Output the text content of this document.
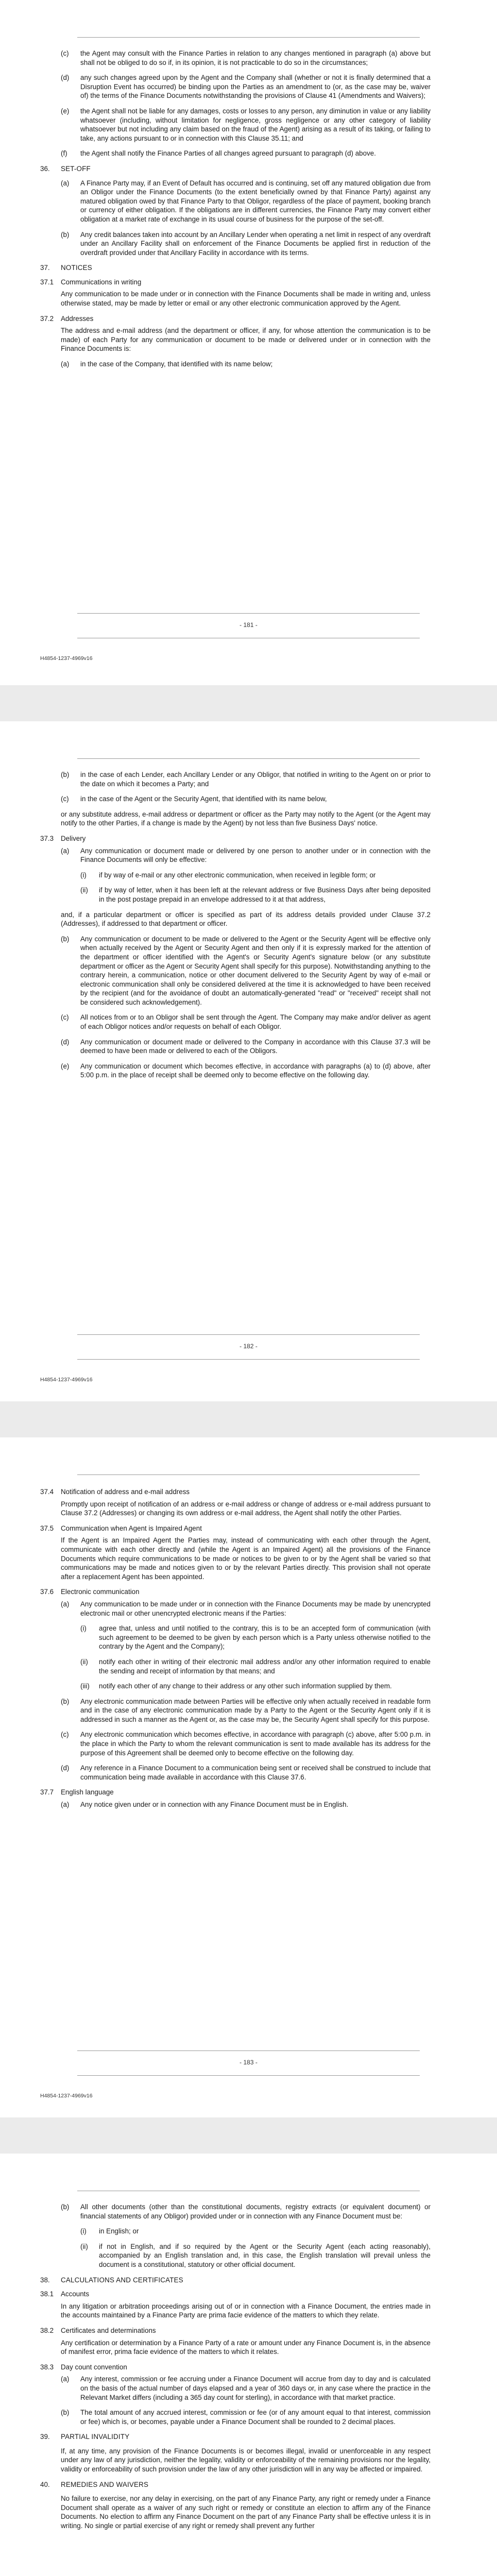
(c)	the Agent may consult with the Finance Parties in relation to any changes mentioned in paragraph (a) above but shall not be obliged to do so if, in its opinion, it is not practicable to do so in the circumstances;
(d)	any such changes agreed upon by the Agent and the Company shall (whether or not it is finally determined that a Disruption Event has occurred) be binding upon the Parties as an amendment to (or, as the case may be, waiver of) the terms of the Finance Documents notwithstanding the provisions of Clause 41 (Amendments and Waivers);
(e)	the Agent shall not be liable for any damages, costs or losses to any person, any diminution in value or any liability whatsoever (including, without limitation for negligence, gross negligence or any other category of liability whatsoever but not including any claim based on the fraud of the Agent) arising as a result of its taking, or failing to take, any actions pursuant to or in connection with this Clause 35.11; and
(f)	the Agent shall notify the Finance Parties of all changes agreed pursuant to paragraph (d) above.
36.	SET-OFF
(a)	A Finance Party may, if an Event of Default has occurred and is continuing, set off any matured obligation due from an Obligor under the Finance Documents (to the extent beneficially owned by that Finance Party) against any matured obligation owed by that Finance Party to that Obligor, regardless of the place of payment, booking branch or currency of either obligation. If the obligations are in different currencies, the Finance Party may convert either obligation at a market rate of exchange in its usual course of business for the purpose of the set-off.
(b)	Any credit balances taken into account by an Ancillary Lender when operating a net limit in respect of any overdraft under an Ancillary Facility shall on enforcement of the Finance Documents be applied first in reduction of the overdraft provided under that Ancillary Facility in accordance with its terms.
37.	NOTICES
37.1	Communications in writing

Any communication to be made under or in connection with the Finance Documents shall be made in writing and, unless otherwise stated, may be made by letter or email or any other electronic communication approved by the Agent.

37.2	Addresses

The address and e-mail address (and the department or officer, if any, for whose attention the communication is to be made) of each Party for any communication or document to be made or delivered under or in connection with the Finance Documents is:

(a)	in the case of the Company, that identified with its name below;
- 181 -
H4854-1237-4969v16
(b)	in the case of each Lender, each Ancillary Lender or any Obligor, that notified in writing to the Agent on or prior to the date on which it becomes a Party; and
(c)	in the case of the Agent or the Security Agent, that identified with its name below,

or any substitute address, e-mail address or department or officer as the Party may notify to the Agent (or the Agent may notify to the other Parties, if a change is made by the Agent) by not less than five Business Days' notice.

37.3	Delivery
(a)	Any communication or document made or delivered by one person to another under or in connection with the Finance Documents will only be effective:
(i)	if by way of e-mail or any other electronic communication, when received in legible form; or
(ii)	if by way of letter, when it has been left at the relevant address or five Business Days after being deposited in the post postage prepaid in an envelope addressed to it at that address,

and, if a particular department or officer is specified as part of its address details provided under Clause 37.2 (Addresses), if addressed to that department or officer.

(b)	Any communication or document to be made or delivered to the Agent or the Security Agent will be effective only when actually received by the Agent or Security Agent and then only if it is expressly marked for the attention of the department or officer identified with the Agent's or Security Agent's signature below (or any substitute department or officer as the Agent or Security Agent shall specify for this purpose). Notwithstanding anything to the contrary herein, a communication, notice or other document delivered to the Security Agent by way of e-mail or electronic communication shall only be considered delivered at the time it is acknowledged to have been received by the recipient (and for the avoidance of doubt an automatically-generated "read" or "received" receipt shall not be considered such acknowledgement).
(c)	All notices from or to an Obligor shall be sent through the Agent. The Company may make and/or deliver as agent of each Obligor notices and/or requests on behalf of each Obligor.
(d)	Any communication or document made or delivered to the Company in accordance with this Clause 37.3 will be deemed to have been made or delivered to each of the Obligors.
(e)	Any communication or document which becomes effective, in accordance with paragraphs (a) to (d) above, after 5:00 p.m. in the place of receipt shall be deemed only to become effective on the following day.
- 182 -
H4854-1237-4969v16
37.4	Notification of address and e-mail address

Promptly upon receipt of notification of an address or e-mail address or change of address or e-mail address pursuant to Clause 37.2 (Addresses) or changing its own address or e-mail address, the Agent shall notify the other Parties.

37.5	Communication when Agent is Impaired Agent

If the Agent is an Impaired Agent the Parties may, instead of communicating with each other through the Agent, communicate with each other directly and (while the Agent is an Impaired Agent) all the provisions of the Finance Documents which require communications to be made or notices to be given to or by the Agent shall be varied so that communications may be made and notices given to or by the relevant Parties directly. This provision shall not operate after a replacement Agent has been appointed.

37.6	Electronic communication
(a)	Any communication to be made under or in connection with the Finance Documents may be made by unencrypted electronic mail or other unencrypted electronic means if the Parties:
(i)	agree that, unless and until notified to the contrary, this is to be an accepted form of communication (with such agreement to be deemed to be given by each person which is a Party unless otherwise notified to the contrary by the Agent and the Company);
(ii)	notify each other in writing of their electronic mail address and/or any other information required to enable the sending and receipt of information by that means; and
(iii)	notify each other of any change to their address or any other such information supplied by them.
(b)	Any electronic communication made between Parties will be effective only when actually received in readable form and in the case of any electronic communication made by a Party to the Agent or the Security Agent only if it is addressed in such a manner as the Agent or, as the case may be, the Security Agent shall specify for this purpose.
(c)	Any electronic communication which becomes effective, in accordance with paragraph (c) above, after 5:00 p.m. in the place in which the Party to whom the relevant communication is sent to made available has its address for the purpose of this Agreement shall be deemed only to become effective on the following day.
(d)	Any reference in a Finance Document to a communication being sent or received shall be construed to include that communication being made available in accordance with this Clause 37.6.
37.7	English language
(a)	Any notice given under or in connection with any Finance Document must be in English.
- 183 -
H4854-1237-4969v16
(b)	All other documents (other than the constitutional documents, registry extracts (or equivalent document) or financial statements of any Obligor) provided under or in connection with any Finance Document must be:
(i)	in English; or
(ii)	if not in English, and if so required by the Agent or the Security Agent (each acting reasonably), accompanied by an English translation and, in this case, the English translation will prevail unless the document is a constitutional, statutory or other official document.
38.	CALCULATIONS AND CERTIFICATES
38.1	Accounts

In any litigation or arbitration proceedings arising out of or in connection with a Finance Document, the entries made in the accounts maintained by a Finance Party are prima facie evidence of the matters to which they relate.

38.2	Certificates and determinations

Any certification or determination by a Finance Party of a rate or amount under any Finance Document is, in the absence of manifest error, prima facie evidence of the matters to which it relates.

38.3	Day count convention
(a)	Any interest, commission or fee accruing under a Finance Document will accrue from day to day and is calculated on the basis of the actual number of days elapsed and a year of 360 days or, in any case where the practice in the Relevant Market differs (including a 365 day count for sterling), in accordance with that market practice.
(b)	The total amount of any accrued interest, commission or fee (or of any amount equal to that interest, commission or fee) which is, or becomes, payable under a Finance Document shall be rounded to 2 decimal places.
39.	PARTIAL INVALIDITY

If, at any time, any provision of the Finance Documents is or becomes illegal, invalid or unenforceable in any respect under any law of any jurisdiction, neither the legality, validity or enforceability of the remaining provisions nor the legality, validity or enforceability of such provision under the law of any other jurisdiction will in any way be affected or impaired.

40.	REMEDIES AND WAIVERS

No failure to exercise, nor any delay in exercising, on the part of any Finance Party, any right or remedy under a Finance Document shall operate as a waiver of any such right or remedy or constitute an election to affirm any of the Finance Documents. No election to affirm any Finance Document on the part of any Finance Party shall be effective unless it is in writing. No single or partial exercise of any right or remedy shall prevent any further
